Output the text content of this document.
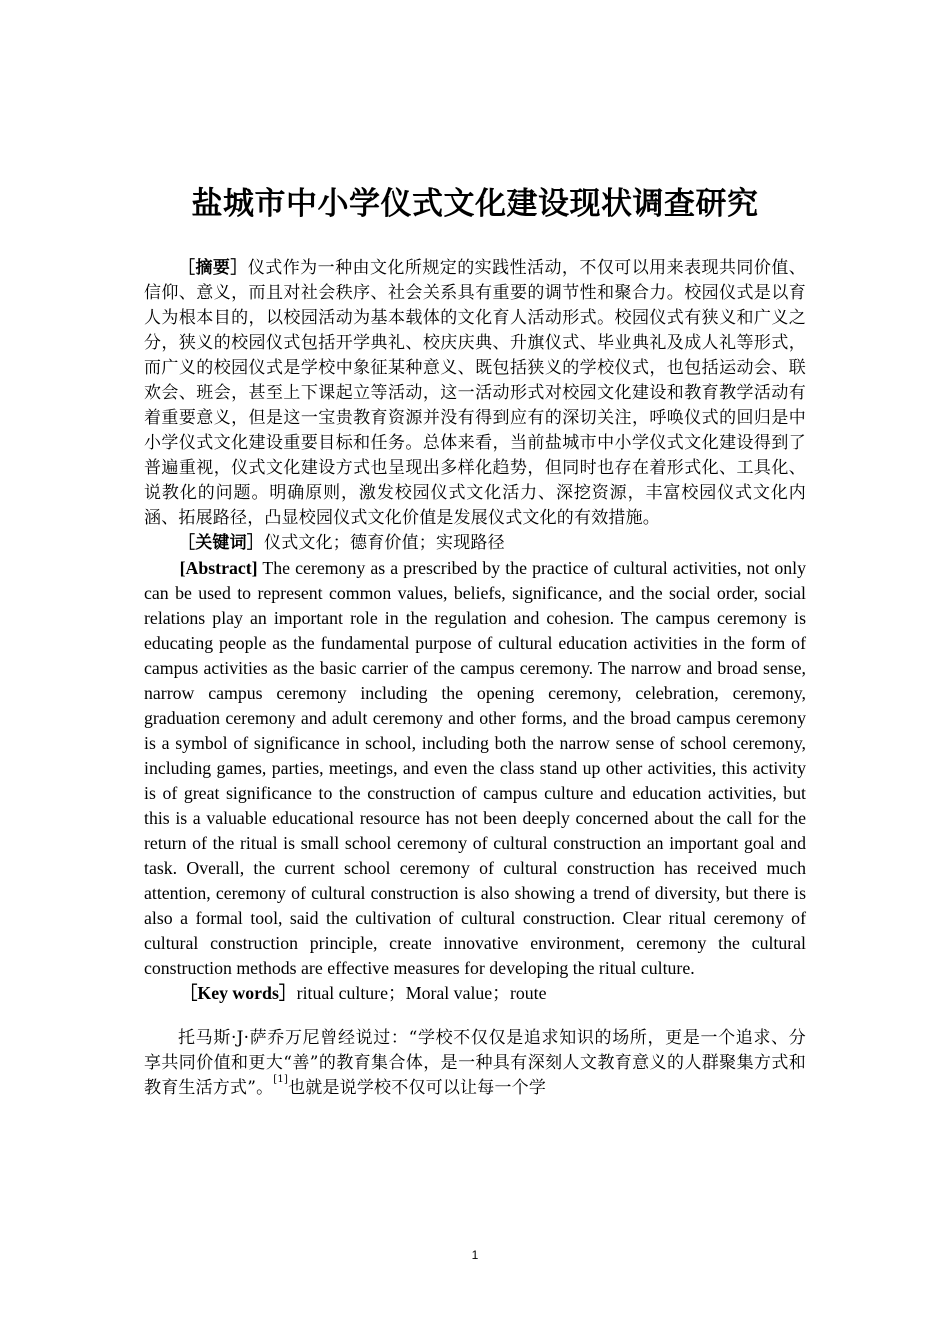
盐城市中小学仪式文化建设现状调查研究

［摘要］仪式作为一种由文化所规定的实践性活动，不仅可以用来表现共同价值、信仰、意义，而且对社会秩序、社会关系具有重要的调节性和聚合力。校园仪式是以育人为根本目的，以校园活动为基本载体的文化育人活动形式。校园仪式有狭义和广义之分，狭义的校园仪式包括开学典礼、校庆庆典、升旗仪式、毕业典礼及成人礼等形式，而广义的校园仪式是学校中象征某种意义、既包括狭义的学校仪式，也包括运动会、联欢会、班会，甚至上下课起立等活动，这一活动形式对校园文化建设和教育教学活动有着重要意义，但是这一宝贵教育资源并没有得到应有的深切关注，呼唤仪式的回归是中小学仪式文化建设重要目标和任务。总体来看，当前盐城市中小学仪式文化建设得到了普遍重视，仪式文化建设方式也呈现出多样化趋势，但同时也存在着形式化、工具化、说教化的问题。明确原则，激发校园仪式文化活力、深挖资源，丰富校园仪式文化内涵、拓展路径，凸显校园仪式文化价值是发展仪式文化的有效措施。

［关键词］仪式文化；德育价值；实现路径

[Abstract] The ceremony as a prescribed by the practice of cultural activities, not only can be used to represent common values, beliefs, significance, and the social order, social relations play an important role in the regulation and cohesion. The campus ceremony is educating people as the fundamental purpose of cultural education activities in the form of campus activities as the basic carrier of the campus ceremony. The narrow and broad sense, narrow campus ceremony including the opening ceremony, celebration, ceremony, graduation ceremony and adult ceremony and other forms, and the broad campus ceremony is a symbol of significance in school, including both the narrow sense of school ceremony, including games, parties, meetings, and even the class stand up other activities, this activity is of great significance to the construction of campus culture and education activities, but this is a valuable educational resource has not been deeply concerned about the call for the return of the ritual is small school ceremony of cultural construction an important goal and task. Overall, the current school ceremony of cultural construction has received much attention, ceremony of cultural construction is also showing a trend of diversity, but there is also a formal tool, said the cultivation of cultural construction. Clear ritual ceremony of cultural construction principle, create innovative environment, ceremony the cultural construction methods are effective measures for developing the ritual culture.

［Key words］ritual culture；Moral value；route

托马斯·J·萨乔万尼曾经说过：“学校不仅仅是追求知识的场所，更是一个追求、分享共同价值和更大“善”的教育集合体，是一种具有深刻人文教育意义的人群聚集方式和教育生活方式”。[1]也就是说学校不仅可以让每一个学

1
